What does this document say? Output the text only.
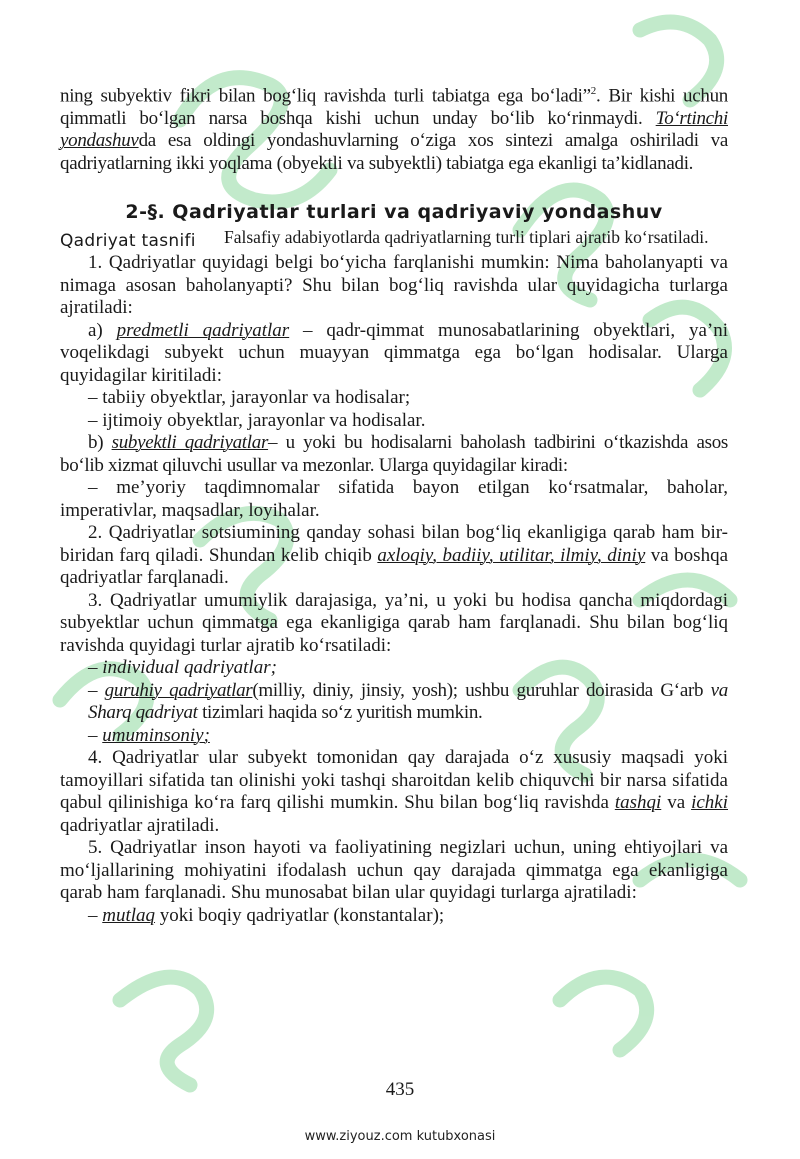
ning subyektiv fikri bilan bog‘liq ravishda turli tabiatga ega bo‘ladi”$^2$. Bir kishi uchun qimmatli bo‘lgan narsa boshqa kishi uchun unday bo‘lib ko‘rinmaydi. To‘rtinchi yondashuvda esa oldingi yondashuvlarning o‘ziga xos sintezi amalga oshiriladi va qadriyatlarning ikki yoqlama (obyektli va subyektli) tabiatga ega ekanligi ta’kidlanadi.

2-§. Qadriyatlar turlari va qadriyaviy yondashuv

Qadriyat tasnifi	Falsafiy adabiyotlarda qadriyatlarning turli tiplari ajratib ko‘rsatiladi.

1. Qadriyatlar quyidagi belgi bo‘yicha farqlanishi mumkin: Nima baholanyapti va nimaga asosan baholanyapti? Shu bilan bog‘liq ravishda ular quyidagicha turlarga ajratiladi:

a) predmetli qadriyatlar – qadr-qimmat munosabatlarining obyektlari, ya’ni voqelikdagi subyekt uchun muayyan qimmatga ega bo‘lgan hodisalar. Ularga quyidagilar kiritiladi:

– tabiiy obyektlar, jarayonlar va hodisalar;

– ijtimoiy obyektlar, jarayonlar va hodisalar.

b) subyektli qadriyatlar– u yoki bu hodisalarni baholash tadbirini o‘tkazishda asos bo‘lib xizmat qiluvchi usullar va mezonlar. Ularga quyidagilar kiradi:

– me’yoriy taqdimnomalar sifatida bayon etilgan ko‘rsatmalar, baholar, imperativlar, maqsadlar, loyihalar.

2. Qadriyatlar sotsiumining qanday sohasi bilan bog‘liq ekanligiga qarab ham bir-biridan farq qiladi. Shundan kelib chiqib axloqiy, badiiy, utilitar, ilmiy, diniy va boshqa qadriyatlar farqlanadi.

3. Qadriyatlar umumiylik darajasiga, ya’ni, u yoki bu hodisa qancha miqdordagi subyektlar uchun qimmatga ega ekanligiga qarab ham farqlanadi. Shu bilan bog‘liq ravishda quyidagi turlar ajratib ko‘rsatiladi:

– individual qadriyatlar;

– guruhiy qadriyatlar(milliy, diniy, jinsiy, yosh); ushbu guruhlar doirasida G‘arb va Sharq qadriyat tizimlari haqida so‘z yuritish mumkin.

– umuminsoniy;

4. Qadriyatlar ular subyekt tomonidan qay darajada o‘z xususiy maqsadi yoki tamoyillari sifatida tan olinishi yoki tashqi sharoitdan kelib chiquvchi bir narsa sifatida qabul qilinishiga ko‘ra farq qilishi mumkin. Shu bilan bog‘liq ravishda tashqi va ichki qadriyatlar ajratiladi.

5. Qadriyatlar inson hayoti va faoliyatining negizlari uchun, uning ehtiyojlari va mo‘ljallarining mohiyatini ifodalash uchun qay darajada qimmatga ega ekanligiga qarab ham farqlanadi. Shu munosabat bilan ular quyidagi turlarga ajratiladi:

– mutlaq yoki boqiy qadriyatlar (konstantalar);

435
www.ziyouz.com kutubxonasi
